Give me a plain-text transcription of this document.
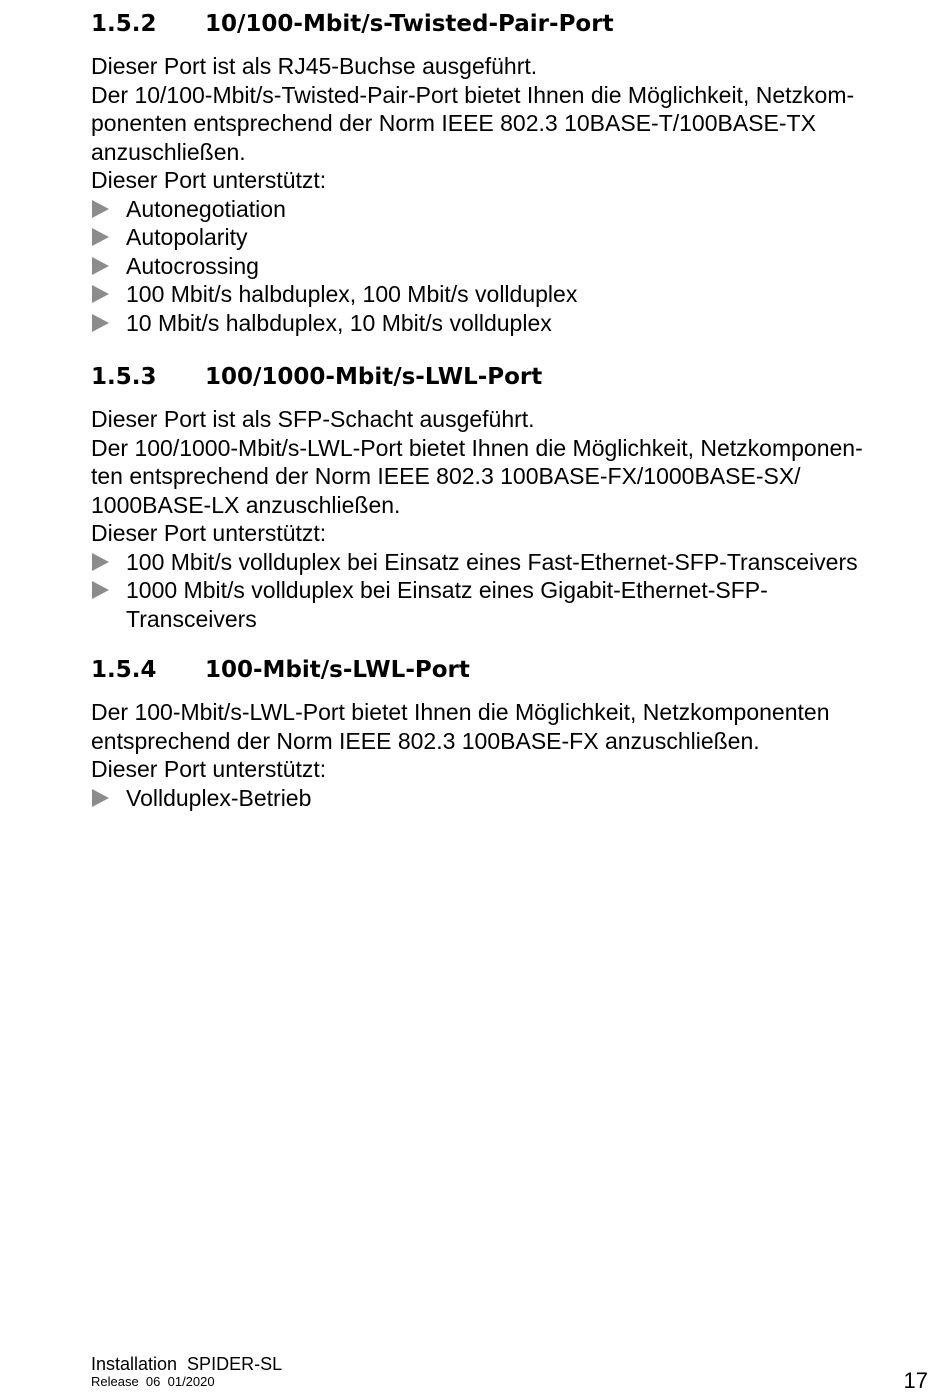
1.5.2	10/100-Mbit/s-Twisted-Pair-Port
Dieser Port ist als RJ45-Buchse ausgeführt.
Der 10/100-Mbit/s-Twisted-Pair-Port bietet Ihnen die Möglichkeit, Netzkom-
ponenten entsprechend der Norm IEEE 802.3 10BASE-T/100BASE-TX
anzuschließen.
Dieser Port unterstützt:
Autonegotiation
Autopolarity
Autocrossing
100 Mbit/s halbduplex, 100 Mbit/s vollduplex
10 Mbit/s halbduplex, 10 Mbit/s vollduplex
1.5.3	100/1000-Mbit/s-LWL-Port
Dieser Port ist als SFP-Schacht ausgeführt.
Der 100/1000-Mbit/s-LWL-Port bietet Ihnen die Möglichkeit, Netzkomponen-
ten entsprechend der Norm IEEE 802.3 100BASE-FX/1000BASE-SX/
1000BASE-LX anzuschließen.
Dieser Port unterstützt:
100 Mbit/s vollduplex bei Einsatz eines Fast-Ethernet-SFP-Transceivers
1000 Mbit/s vollduplex bei Einsatz eines Gigabit-Ethernet-SFP-Transceivers
1.5.4	100-Mbit/s-LWL-Port
Der 100-Mbit/s-LWL-Port bietet Ihnen die Möglichkeit, Netzkomponenten
entsprechend der Norm IEEE 802.3 100BASE-FX anzuschließen.
Dieser Port unterstützt:
Vollduplex-Betrieb
Installation  SPIDER-SL
Release  06  01/2020	17
